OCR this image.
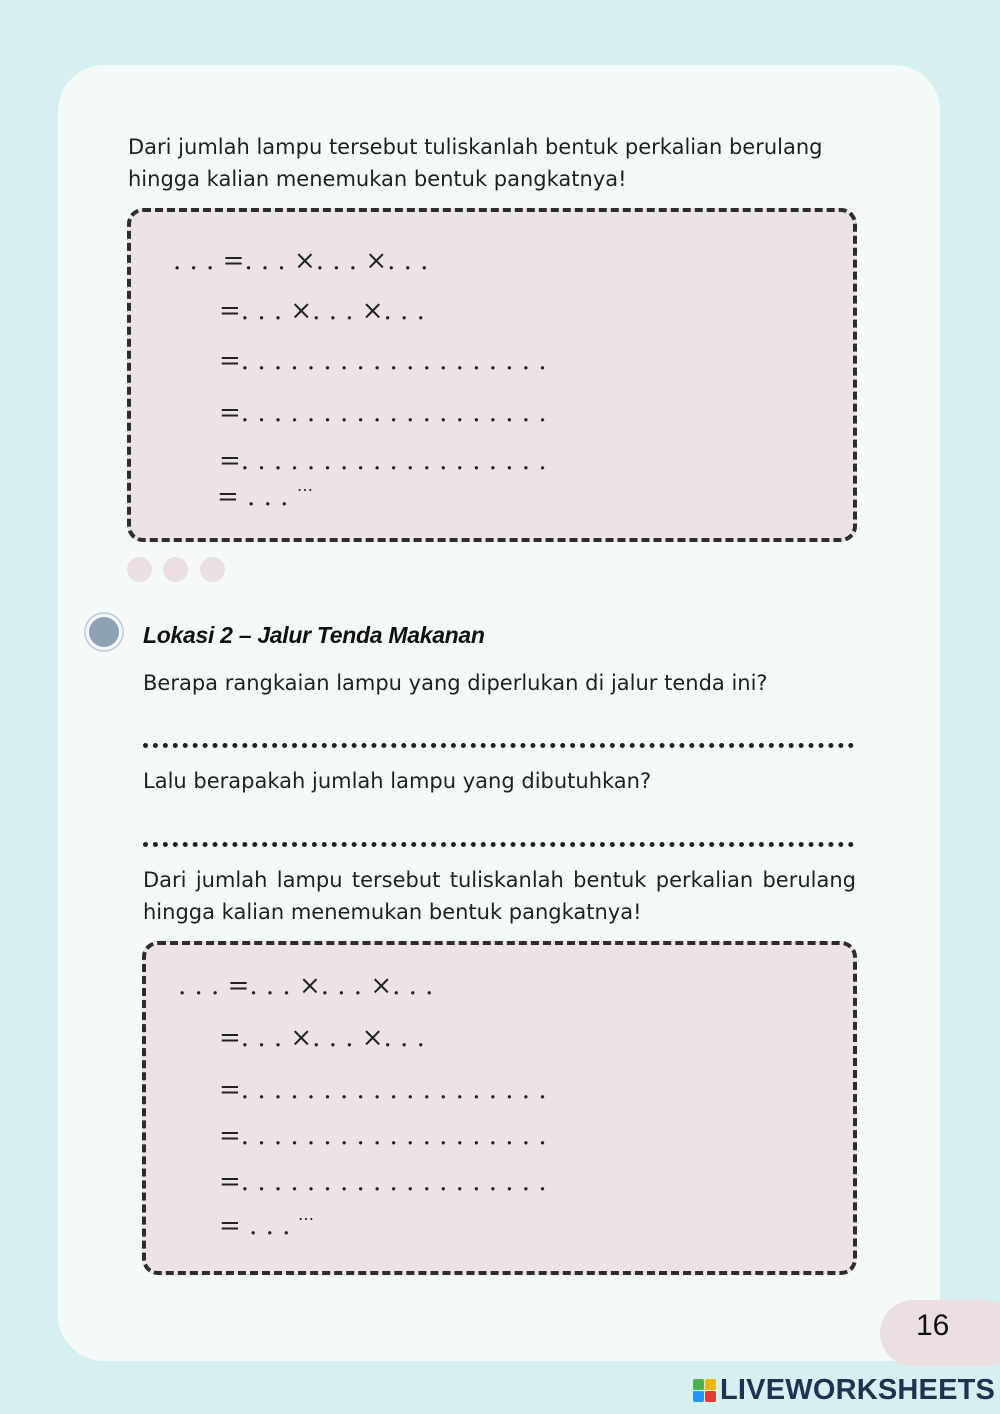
Dari jumlah lampu tersebut tuliskanlah bentuk perkalian berulang hingga kalian menemukan bentuk pangkatnya!

. . . =. . . ×. . . ×. . .
=. . . ×. . . ×. . .
=. . . . . . . . . . . . . . . . . . .
=. . . . . . . . . . . . . . . . . . .
=. . . . . . . . . . . . . . . . . . .
= . . . …
Lokasi 2 – Jalur Tenda Makanan

Berapa rangkaian lampu yang diperlukan di jalur tenda ini?

Lalu berapakah jumlah lampu yang dibutuhkan?

Dari jumlah lampu tersebut tuliskanlah bentuk perkalian berulang hingga kalian menemukan bentuk pangkatnya!

. . . =. . . ×. . . ×. . .
=. . . ×. . . ×. . .
=. . . . . . . . . . . . . . . . . . .
=. . . . . . . . . . . . . . . . . . .
=. . . . . . . . . . . . . . . . . . .
= . . . …

16

LIVEWORKSHEETS
